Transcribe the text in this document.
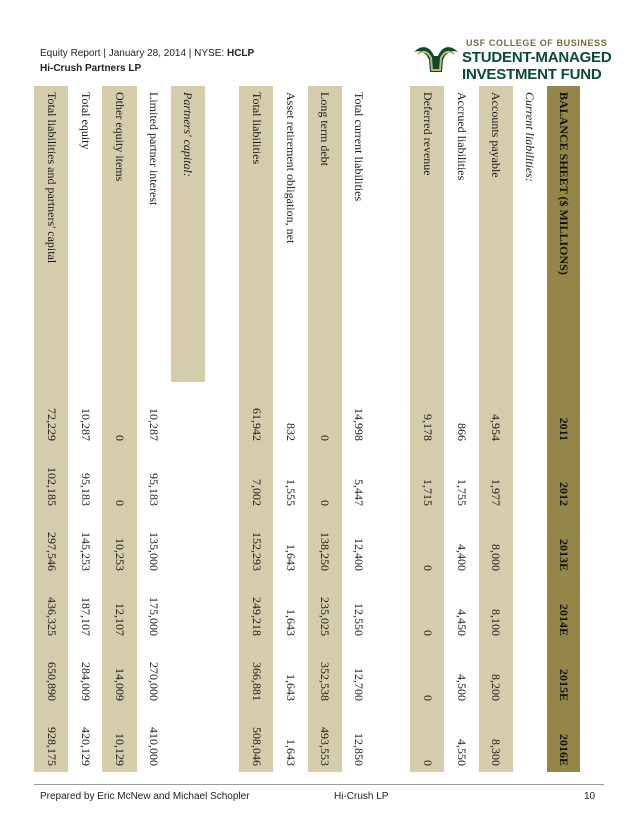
Equity Report | January 28, 2014 | NYSE: HCLP
Hi-Crush Partners LP
USF COLLEGE OF BUSINESS
STUDENT-MANAGED
INVESTMENT FUND
BALANCE SHEET ($ MILLIONS)	2011	2012	2013E	2014E	2015E	2016E
Current liabilities:						
Accounts payable	4,954	1,977	8,000	8,100	8,200	8,300
Accrued liabilities	866	1,755	4,400	4,450	4,500	4,550
Deferred revenue	9,178	1,715	0	0	0	0

Total current liabilities	14,998	5,447	12,400	12,550	12,700	12,850
Long term debt	0	0	138,250	235,025	352,538	493,553
Asset retirement obligation, net	832	1,555	1,643	1,643	1,643	1,643
Total liabilities	61,942	7,002	152,293	249,218	366,881	508,046

Partners' capital:						
Limited partner interest	10,287	95,183	135,000	175,000	270,000	410,000
Other equity items	0	0	10,253	12,107	14,009	10,129
Total equity	10,287	95,183	145,253	187,107	284,009	420,129
Total liabilities and partners' capital	72,229	102,185	297,546	436,325	650,890	928,175
Prepared by Eric McNew and Michael Schopler	Hi-Crush LP	10
